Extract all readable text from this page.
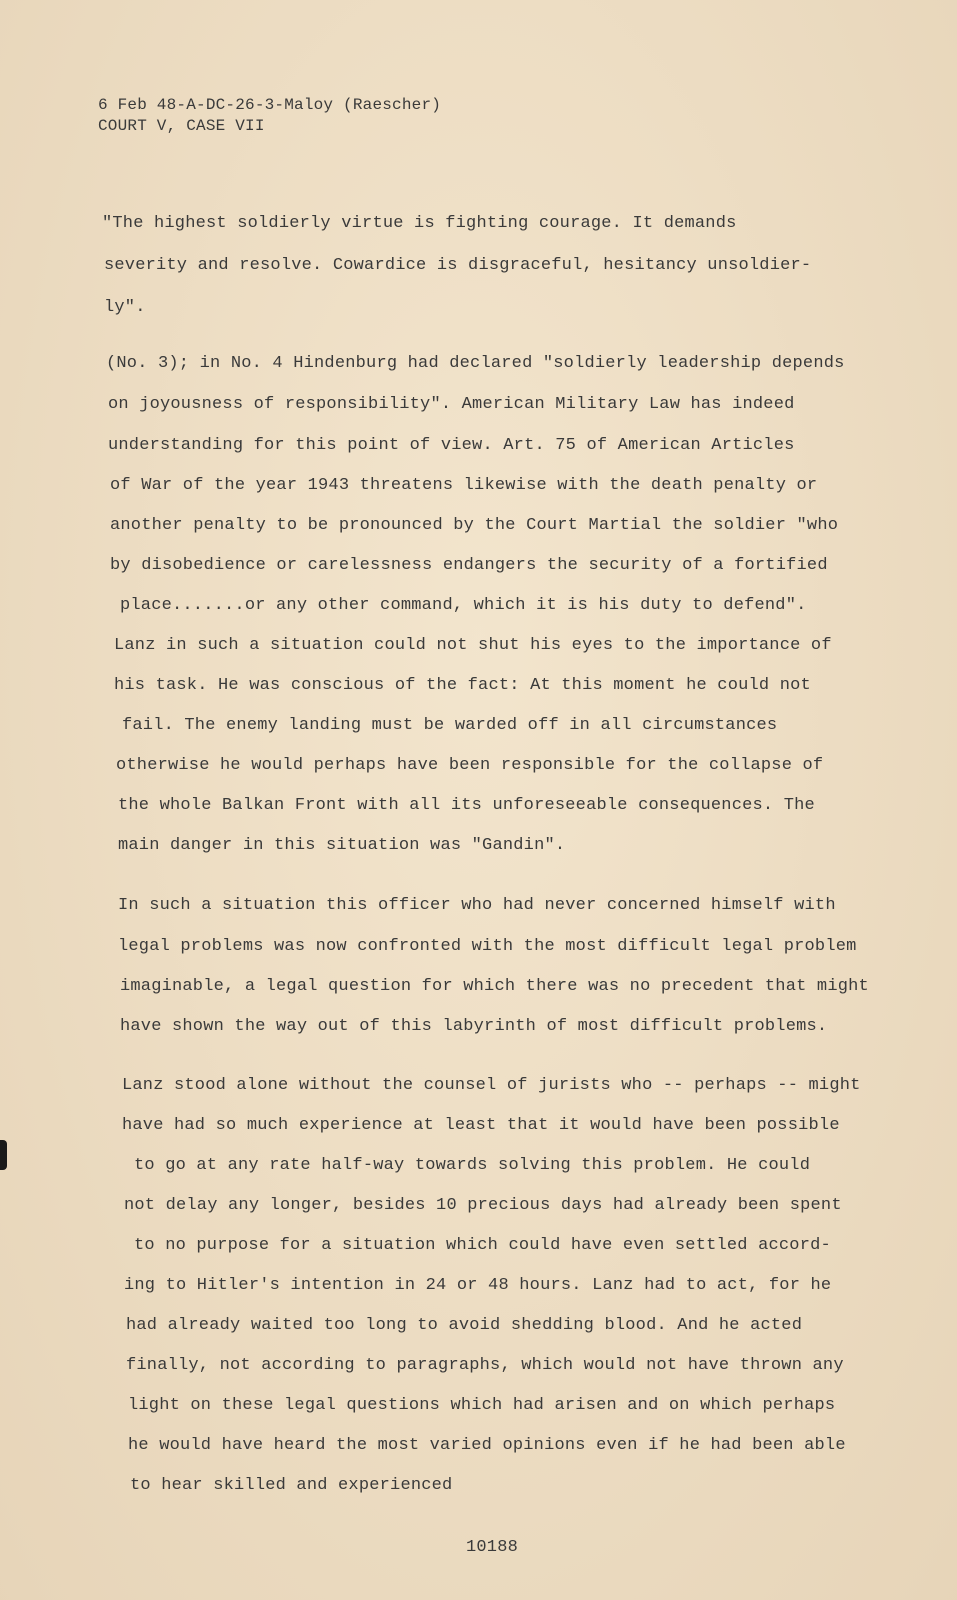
6 Feb 48-A-DC-26-3-Maloy (Raescher)
COURT V, CASE VII
"The highest soldierly virtue is fighting courage. It demands
severity and resolve. Cowardice is disgraceful, hesitancy unsoldier-
ly".
(No. 3); in No. 4 Hindenburg had declared "soldierly leadership depends
on joyousness of responsibility". American Military Law has indeed
understanding for this point of view. Art. 75 of American Articles
of War of the year 1943 threatens likewise with the death penalty or
another penalty to be pronounced by the Court Martial the soldier "who
by disobedience or carelessness endangers the security of a fortified
place.......or any other command, which it is his duty to defend".
Lanz in such a situation could not shut his eyes to the importance of
his task. He was conscious of the fact: At this moment he could not
fail. The enemy landing must be warded off in all circumstances
otherwise he would perhaps have been responsible for the collapse of
the whole Balkan Front with all its unforeseeable consequences. The
main danger in this situation was "Gandin".
In such a situation this officer who had never concerned himself with
legal problems was now confronted with the most difficult legal problem
imaginable, a legal question for which there was no precedent that might
have shown the way out of this labyrinth of most difficult problems.
Lanz stood alone without the counsel of jurists who -- perhaps -- might
have had so much experience at least that it would have been possible
to go at any rate half-way towards solving this problem. He could
not delay any longer, besides 10 precious days had already been spent
to no purpose for a situation which could have even settled accord-
ing to Hitler's intention in 24 or 48 hours. Lanz had to act, for he
had already waited too long to avoid shedding blood. And he acted
finally, not according to paragraphs, which would not have thrown any
light on these legal questions which had arisen and on which perhaps
he would have heard the most varied opinions even if he had been able
to hear skilled and experienced
10188
